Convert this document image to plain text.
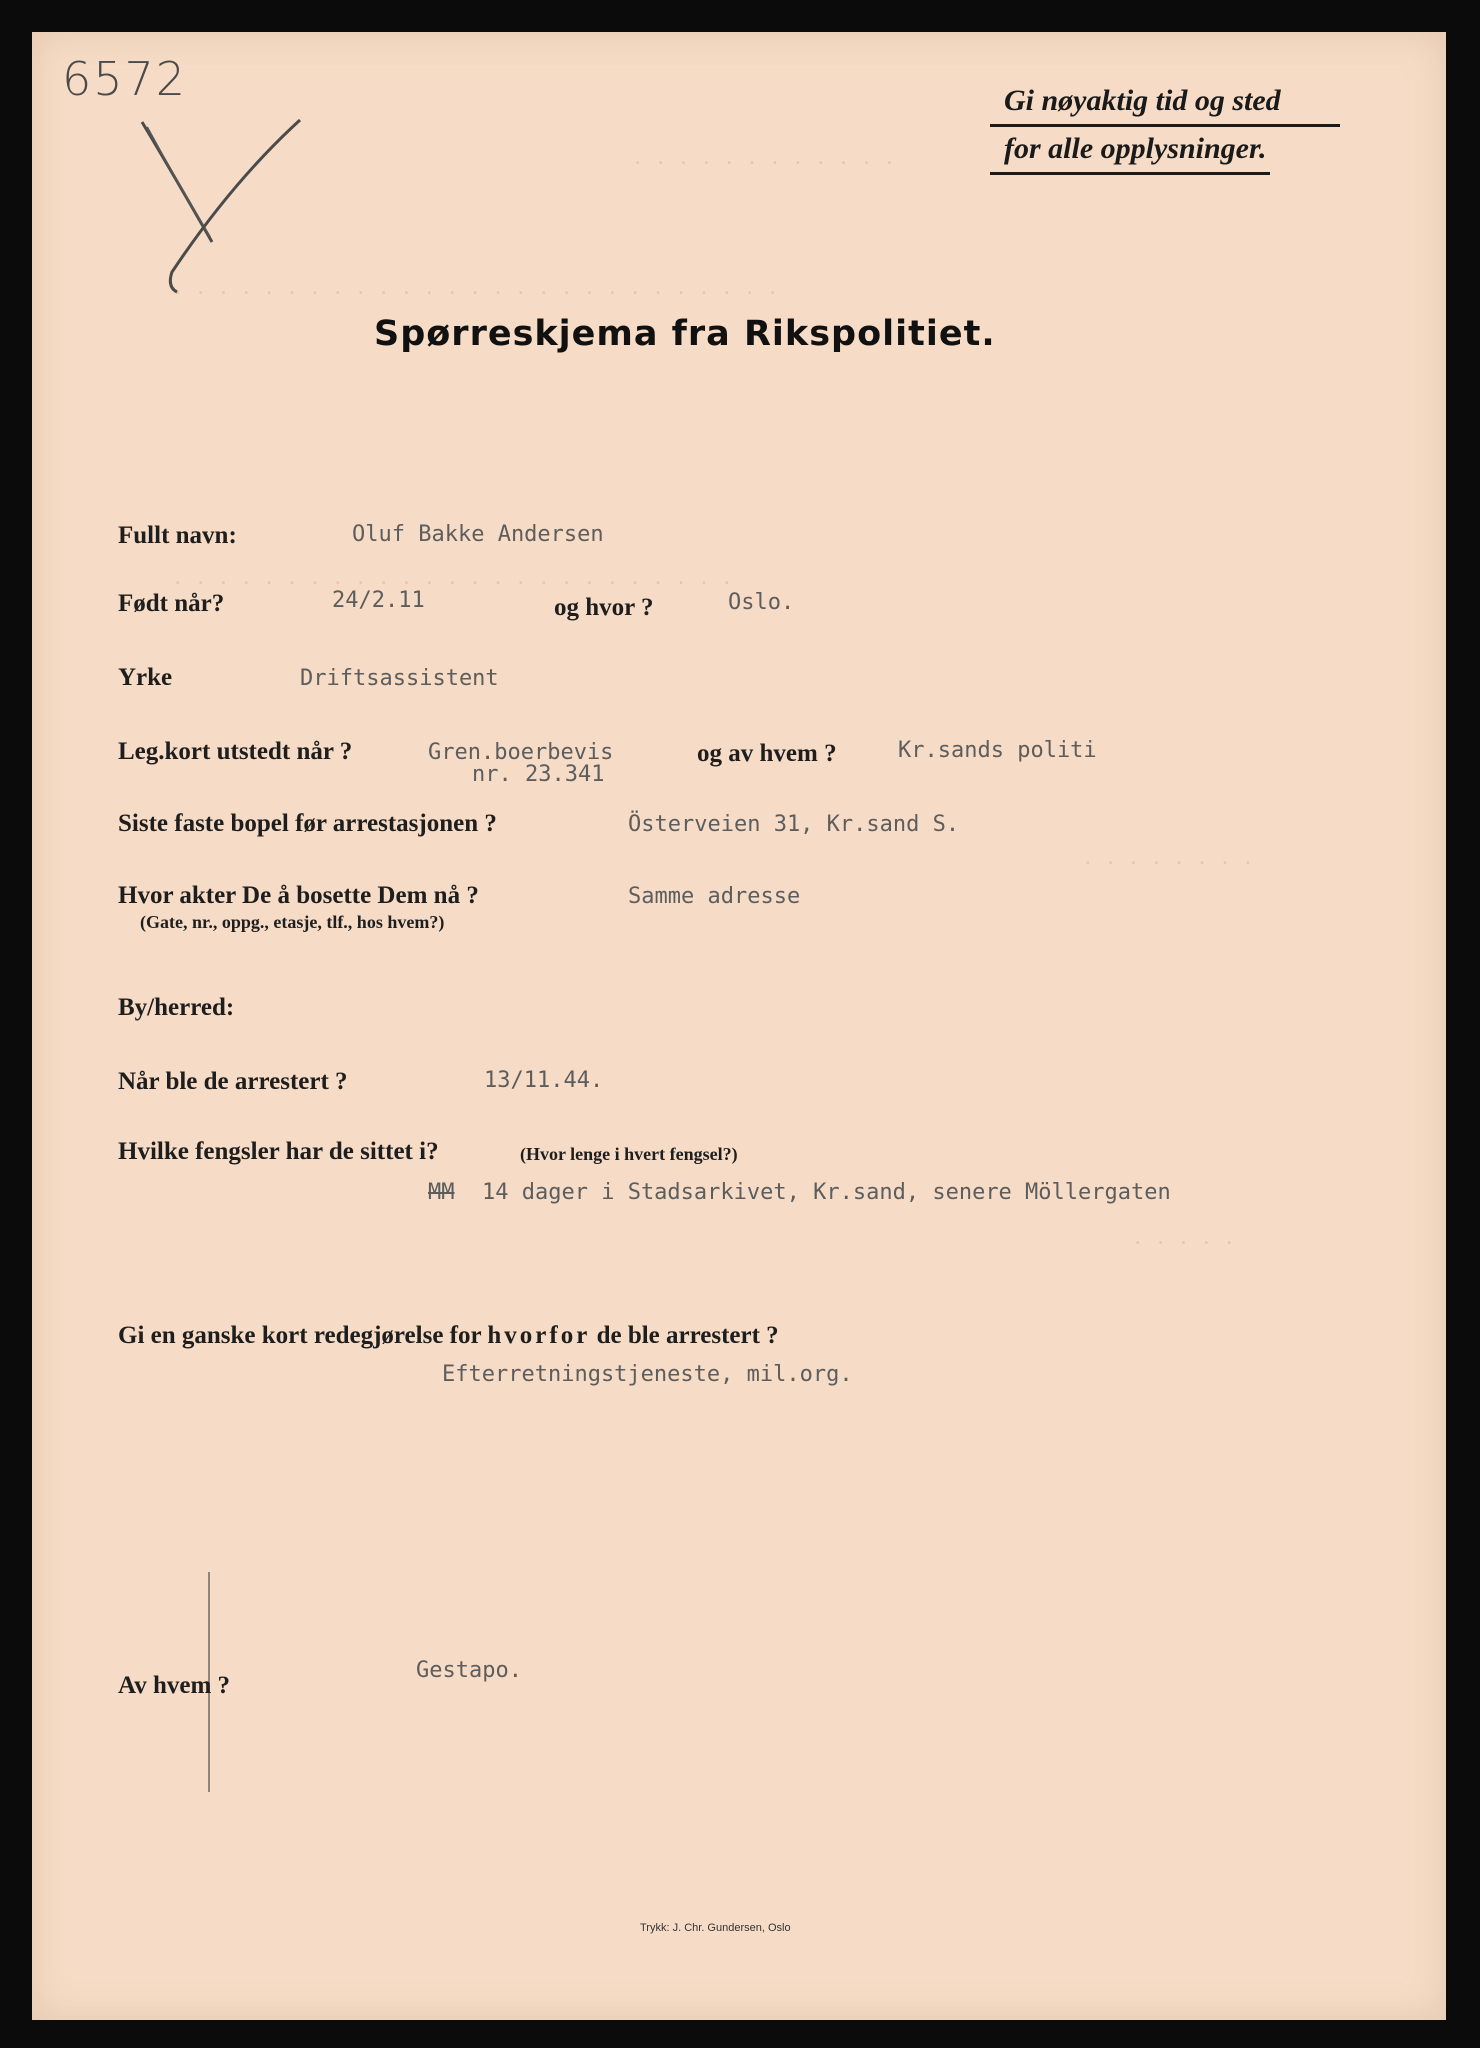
6572	Gi nøyaktig tid og sted
for alle opplysninger.
· · · · · · · · · · · ·
· · · · · · · · · · · · · · · · · · · · · · · · · · ·
· · · · · · · · · · · · · · · · · · · · · · · · ·
· · · · · · · ·
· · · · ·
Spørreskjema fra Rikspolitiet.
Fullt navn:	Oluf Bakke Andersen
Født når?	24/2.11	og hvor ?	Oslo.
Yrke	Driftsassistent
Leg.kort utstedt når ?	Gren.boerbevis
nr. 23.341
og av hvem ?	Kr.sands politi
Siste faste bopel før arrestasjonen ?	Österveien 31, Kr.sand S.
Hvor akter De å bosette Dem nå ?
(Gate, nr., oppg., etasje, tlf., hos hvem?)
Samme adresse
By/herred:
Når ble de arrestert ?	13/11.44.
Hvilke fengsler har de sittet i?	(Hvor lenge i hvert fengsel?)
MM 14 dager i Stadsarkivet, Kr.sand, senere Möllergaten
Gi en ganske kort redegjørelse for hvorfor de ble arrestert ?
Efterretningstjeneste, mil.org.
Av hvem ?
Gestapo.
Trykk: J. Chr. Gundersen, Oslo
